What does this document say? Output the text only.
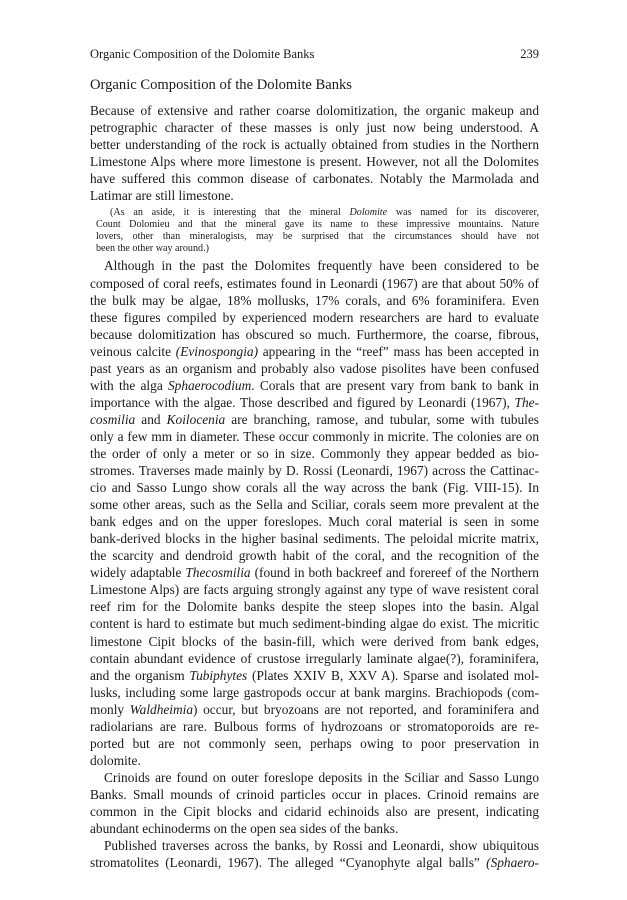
Organic Composition of the Dolomite Banks	239
Organic Composition of the Dolomite Banks
Because of extensive and rather coarse dolomitization, the organic makeup and
petrographic character of these masses is only just now being understood. A
better understanding of the rock is actually obtained from studies in the Northern
Limestone Alps where more limestone is present. However, not all the Dolomites
have suffered this common disease of carbonates. Notably the Marmolada and
Latimar are still limestone.
(As an aside, it is interesting that the mineral Dolomite was named for its discoverer,
Count Dolomieu and that the mineral gave its name to these impressive mountains. Nature
lovers, other than mineralogists, may be surprised that the circumstances should have not
been the other way around.)
Although in the past the Dolomites frequently have been considered to be
composed of coral reefs, estimates found in Leonardi (1967) are that about 50% of
the bulk may be algae, 18% mollusks, 17% corals, and 6% foraminifera. Even
these figures compiled by experienced modern researchers are hard to evaluate
because dolomitization has obscured so much. Furthermore, the coarse, fibrous,
veinous calcite (Evinospongia) appearing in the “reef” mass has been accepted in
past years as an organism and probably also vadose pisolites have been confused
with the alga Sphaerocodium. Corals that are present vary from bank to bank in
importance with the algae. Those described and figured by Leonardi (1967), The-
cosmilia and Koilocenia are branching, ramose, and tubular, some with tubules
only a few mm in diameter. These occur commonly in micrite. The colonies are on
the order of only a meter or so in size. Commonly they appear bedded as bio-
stromes. Traverses made mainly by D. Rossi (Leonardi, 1967) across the Cattinac-
cio and Sasso Lungo show corals all the way across the bank (Fig. VIII-15). In
some other areas, such as the Sella and Sciliar, corals seem more prevalent at the
bank edges and on the upper foreslopes. Much coral material is seen in some
bank-derived blocks in the higher basinal sediments. The peloidal micrite matrix,
the scarcity and dendroid growth habit of the coral, and the recognition of the
widely adaptable Thecosmilia (found in both backreef and forereef of the Northern
Limestone Alps) are facts arguing strongly against any type of wave resistent coral
reef rim for the Dolomite banks despite the steep slopes into the basin. Algal
content is hard to estimate but much sediment-binding algae do exist. The micritic
limestone Cipit blocks of the basin-fill, which were derived from bank edges,
contain abundant evidence of crustose irregularly laminate algae(?), foraminifera,
and the organism Tubiphytes (Plates XXIV B, XXV A). Sparse and isolated mol-
lusks, including some large gastropods occur at bank margins. Brachiopods (com-
monly Waldheimia) occur, but bryozoans are not reported, and foraminifera and
radiolarians are rare. Bulbous forms of hydrozoans or stromatoporoids are re-
ported but are not commonly seen, perhaps owing to poor preservation in
dolomite.
Crinoids are found on outer foreslope deposits in the Sciliar and Sasso Lungo
Banks. Small mounds of crinoid particles occur in places. Crinoid remains are
common in the Cipit blocks and cidarid echinoids also are present, indicating
abundant echinoderms on the open sea sides of the banks.
Published traverses across the banks, by Rossi and Leonardi, show ubiquitous
stromatolites (Leonardi, 1967). The alleged “Cyanophyte algal balls” (Sphaero-
